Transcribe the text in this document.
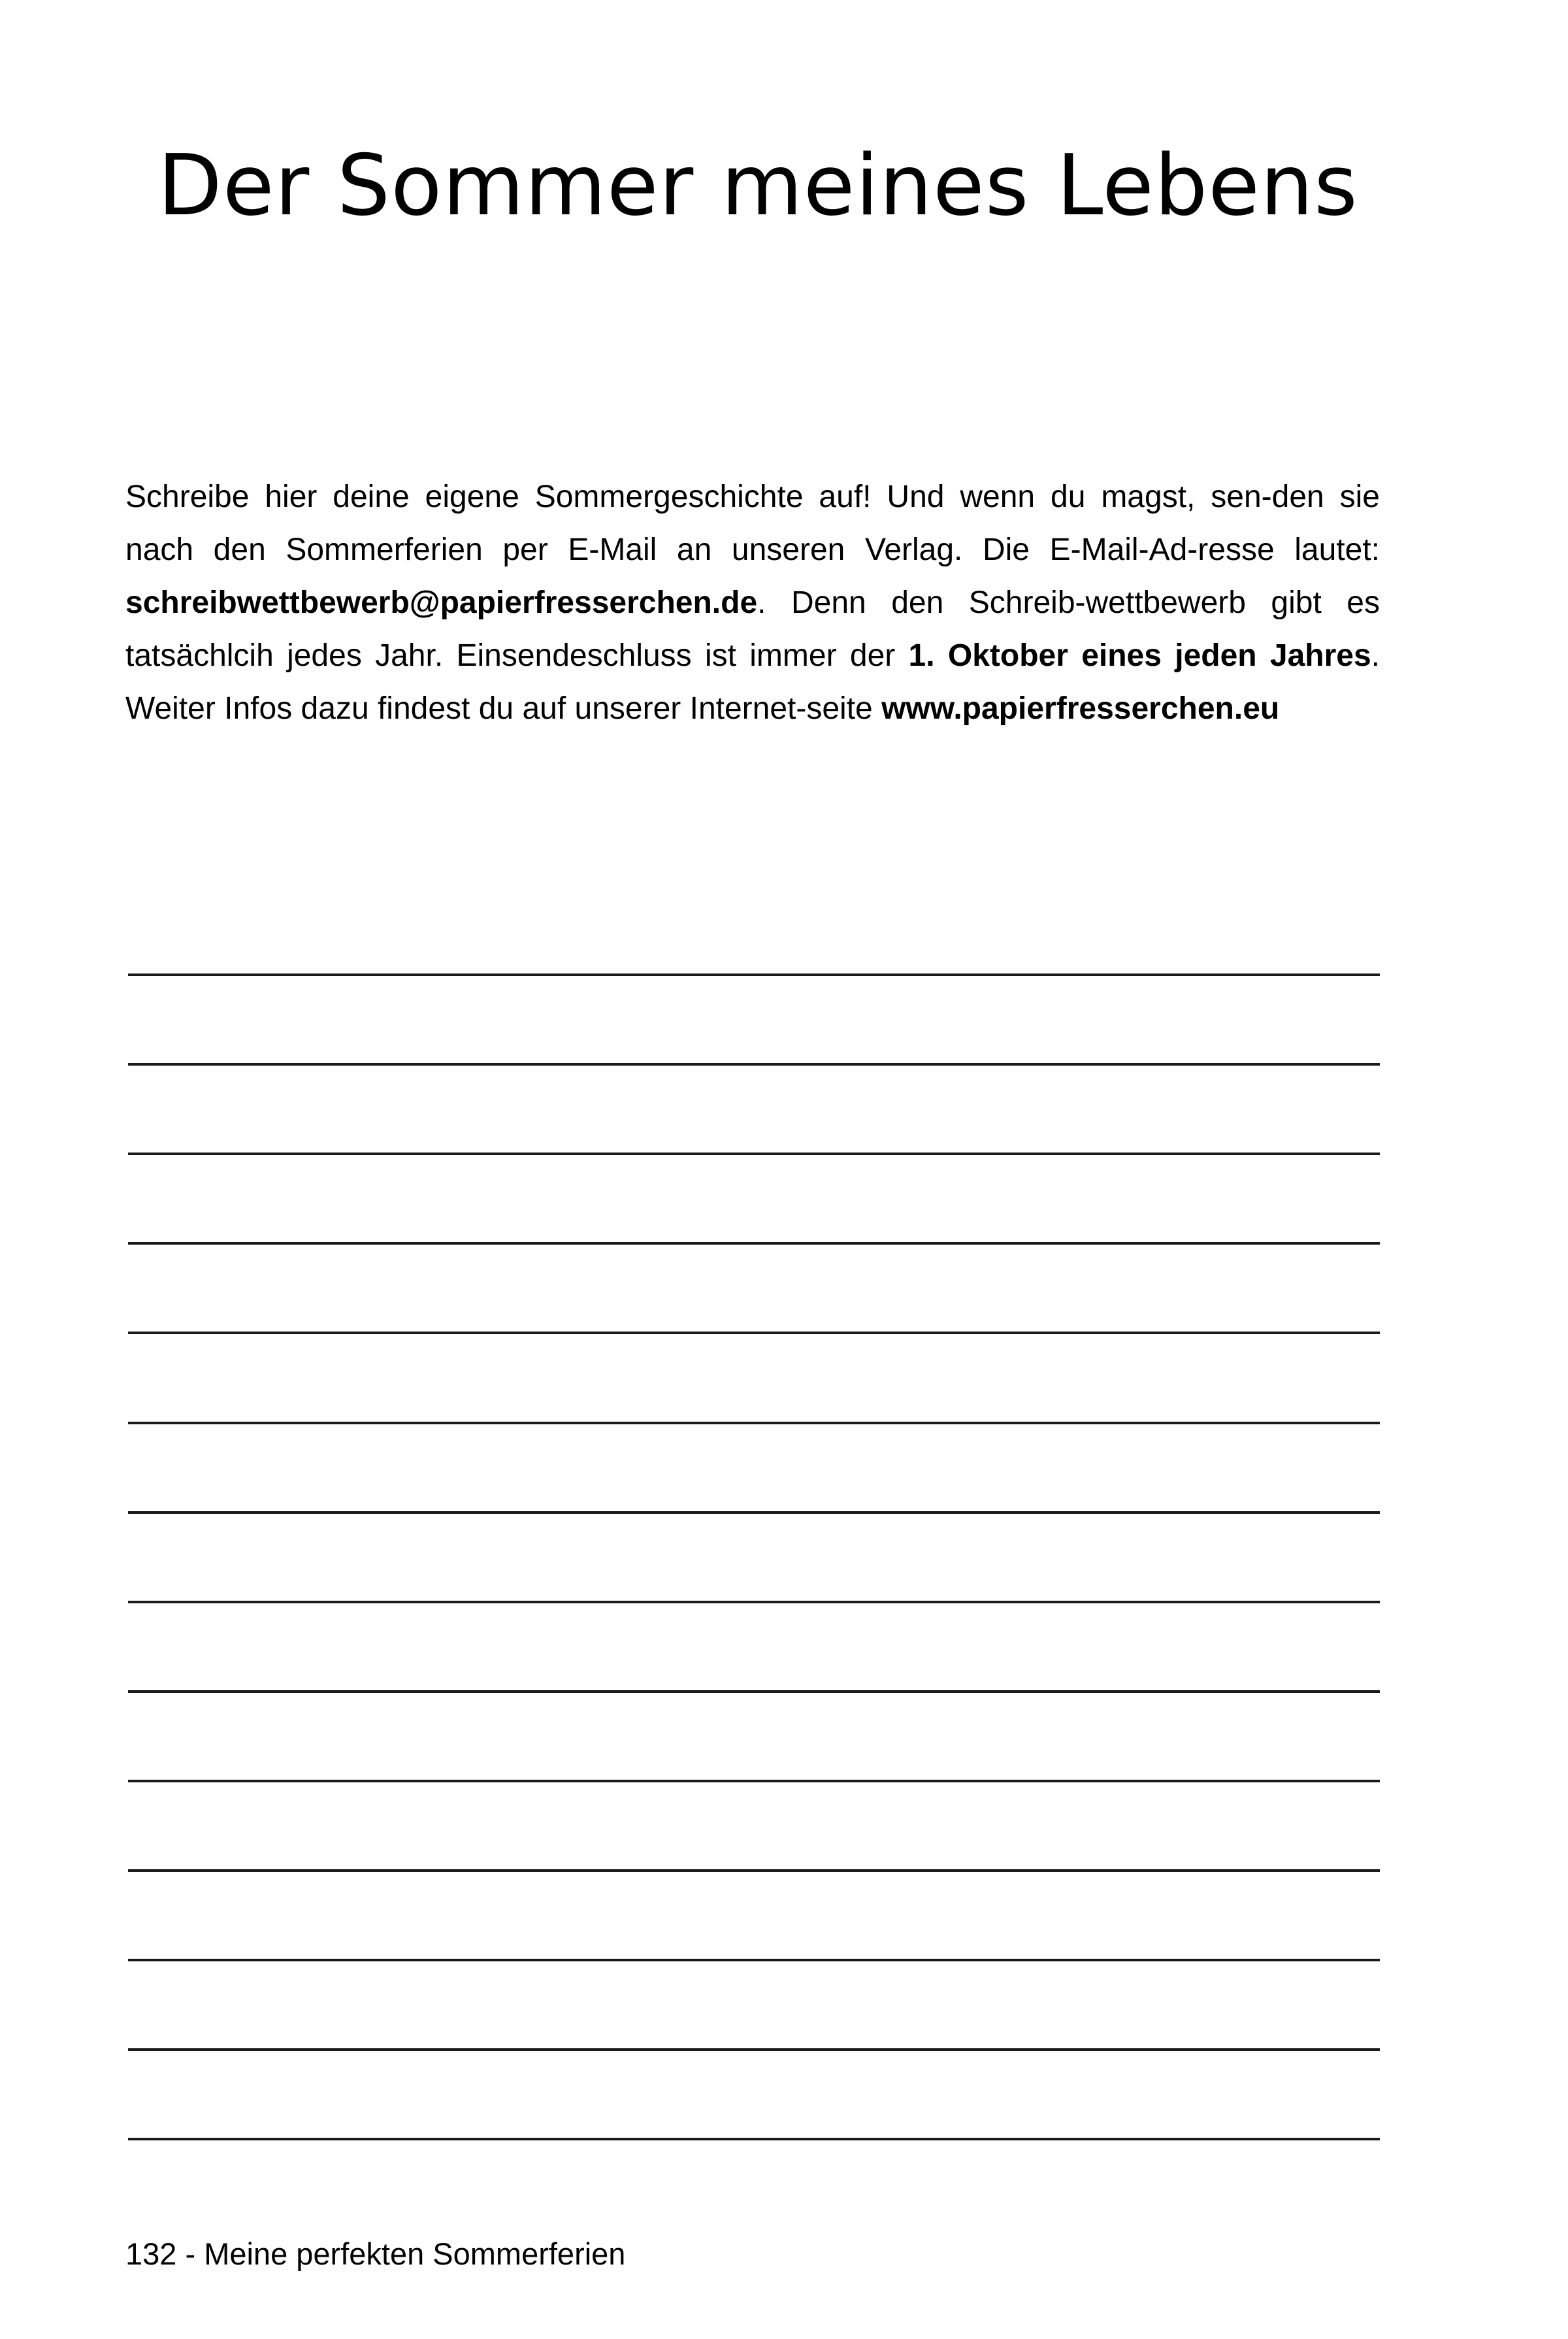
Der Sommer meines Lebens

Schreibe hier deine eigene Sommergeschichte auf! Und wenn du magst, sen-den sie nach den Sommerferien per E-Mail an unseren Verlag. Die E-Mail-Ad-resse lautet: schreibwettbewerb@papierfresserchen.de. Denn den Schreib-wettbewerb gibt es tatsächlcih jedes Jahr. Einsendeschluss ist immer der 1. Oktober eines jeden Jahres. Weiter Infos dazu findest du auf unserer Internet-seite www.papierfresserchen.eu

132 - Meine perfekten Sommerferien
